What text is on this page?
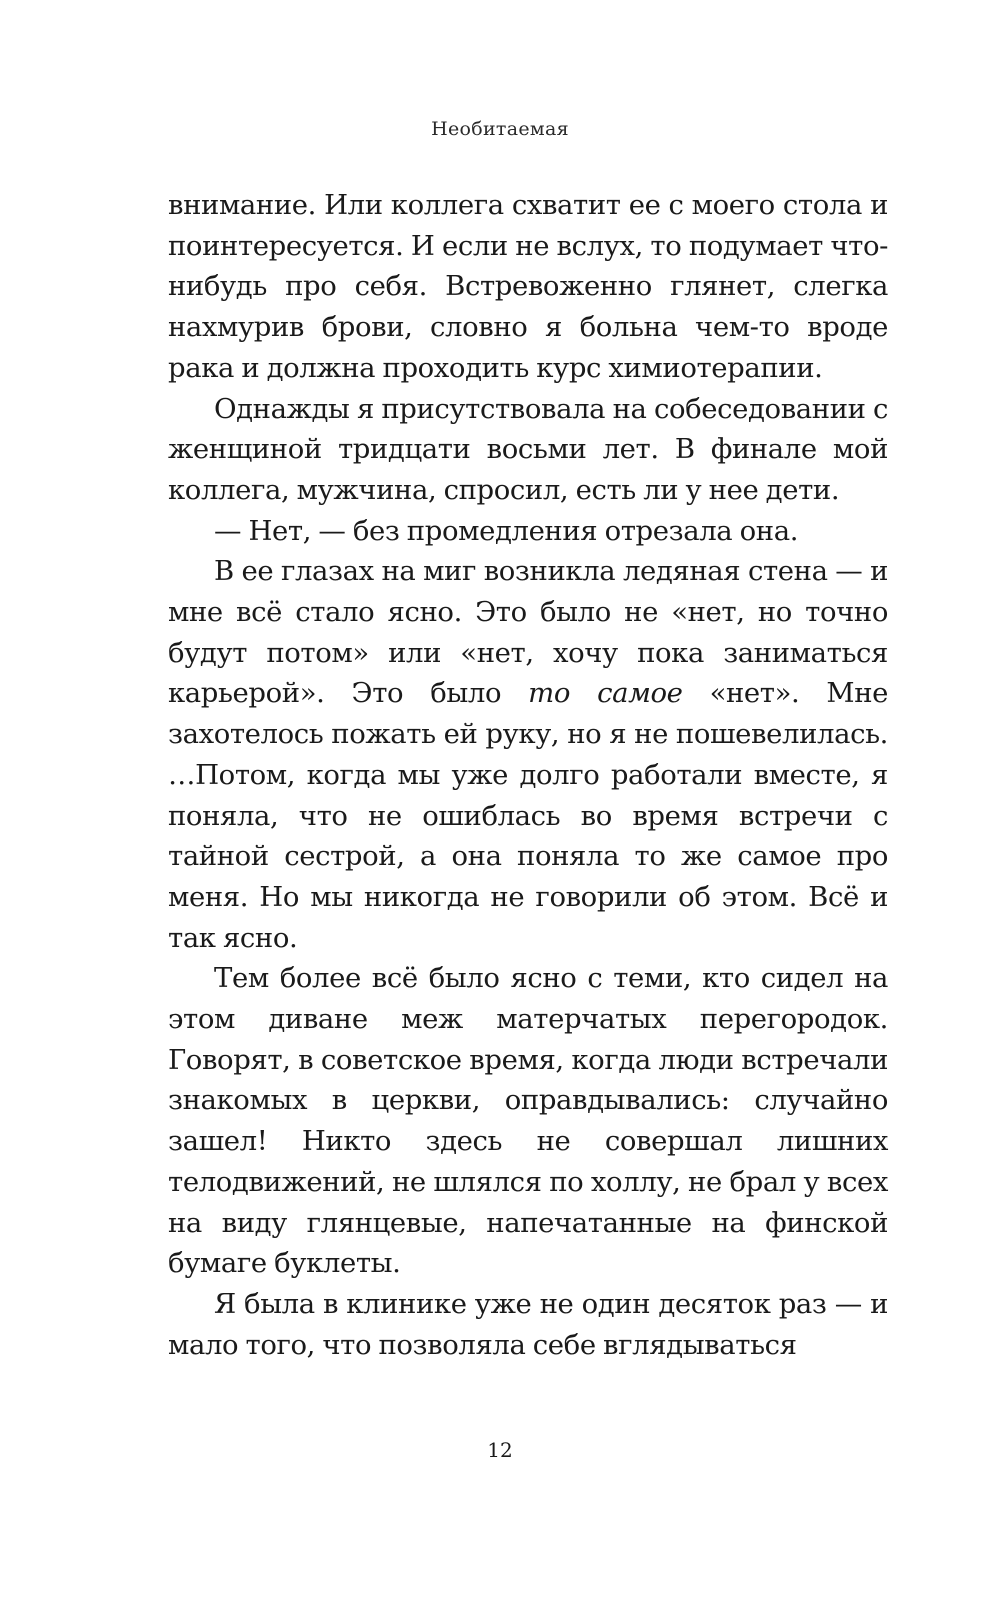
Необитаемая

внимание. Или коллега схватит ее с моего стола и поинтересуется. И если не вслух, то подумает что-нибудь про себя. Встревоженно глянет, слегка нахмурив брови, словно я больна чем-то вроде рака и должна проходить курс химиотерапии.

Однажды я присутствовала на собеседовании с женщиной тридцати восьми лет. В финале мой коллега, мужчина, спросил, есть ли у нее дети.

— Нет, — без промедления отрезала она.

В ее глазах на миг возникла ледяная стена — и мне всё стало ясно. Это было не «нет, но точно будут потом» или «нет, хочу пока заниматься карьерой». Это было то самое «нет». Мне захотелось пожать ей руку, но я не пошевелилась. …Потом, когда мы уже долго работали вместе, я поняла, что не ошиблась во время встречи с тайной сестрой, а она поняла то же самое про меня. Но мы никогда не говорили об этом. Всё и так ясно.

Тем более всё было ясно с теми, кто сидел на этом диване меж матерчатых перегородок. Говорят, в советское время, когда люди встречали знакомых в церкви, оправдывались: случайно зашел! Никто здесь не совершал лишних телодвижений, не шлялся по холлу, не брал у всех на виду глянцевые, напечатанные на финской бумаге буклеты.

Я была в клинике уже не один десяток раз — и мало того, что позволяла себе вглядываться

12
